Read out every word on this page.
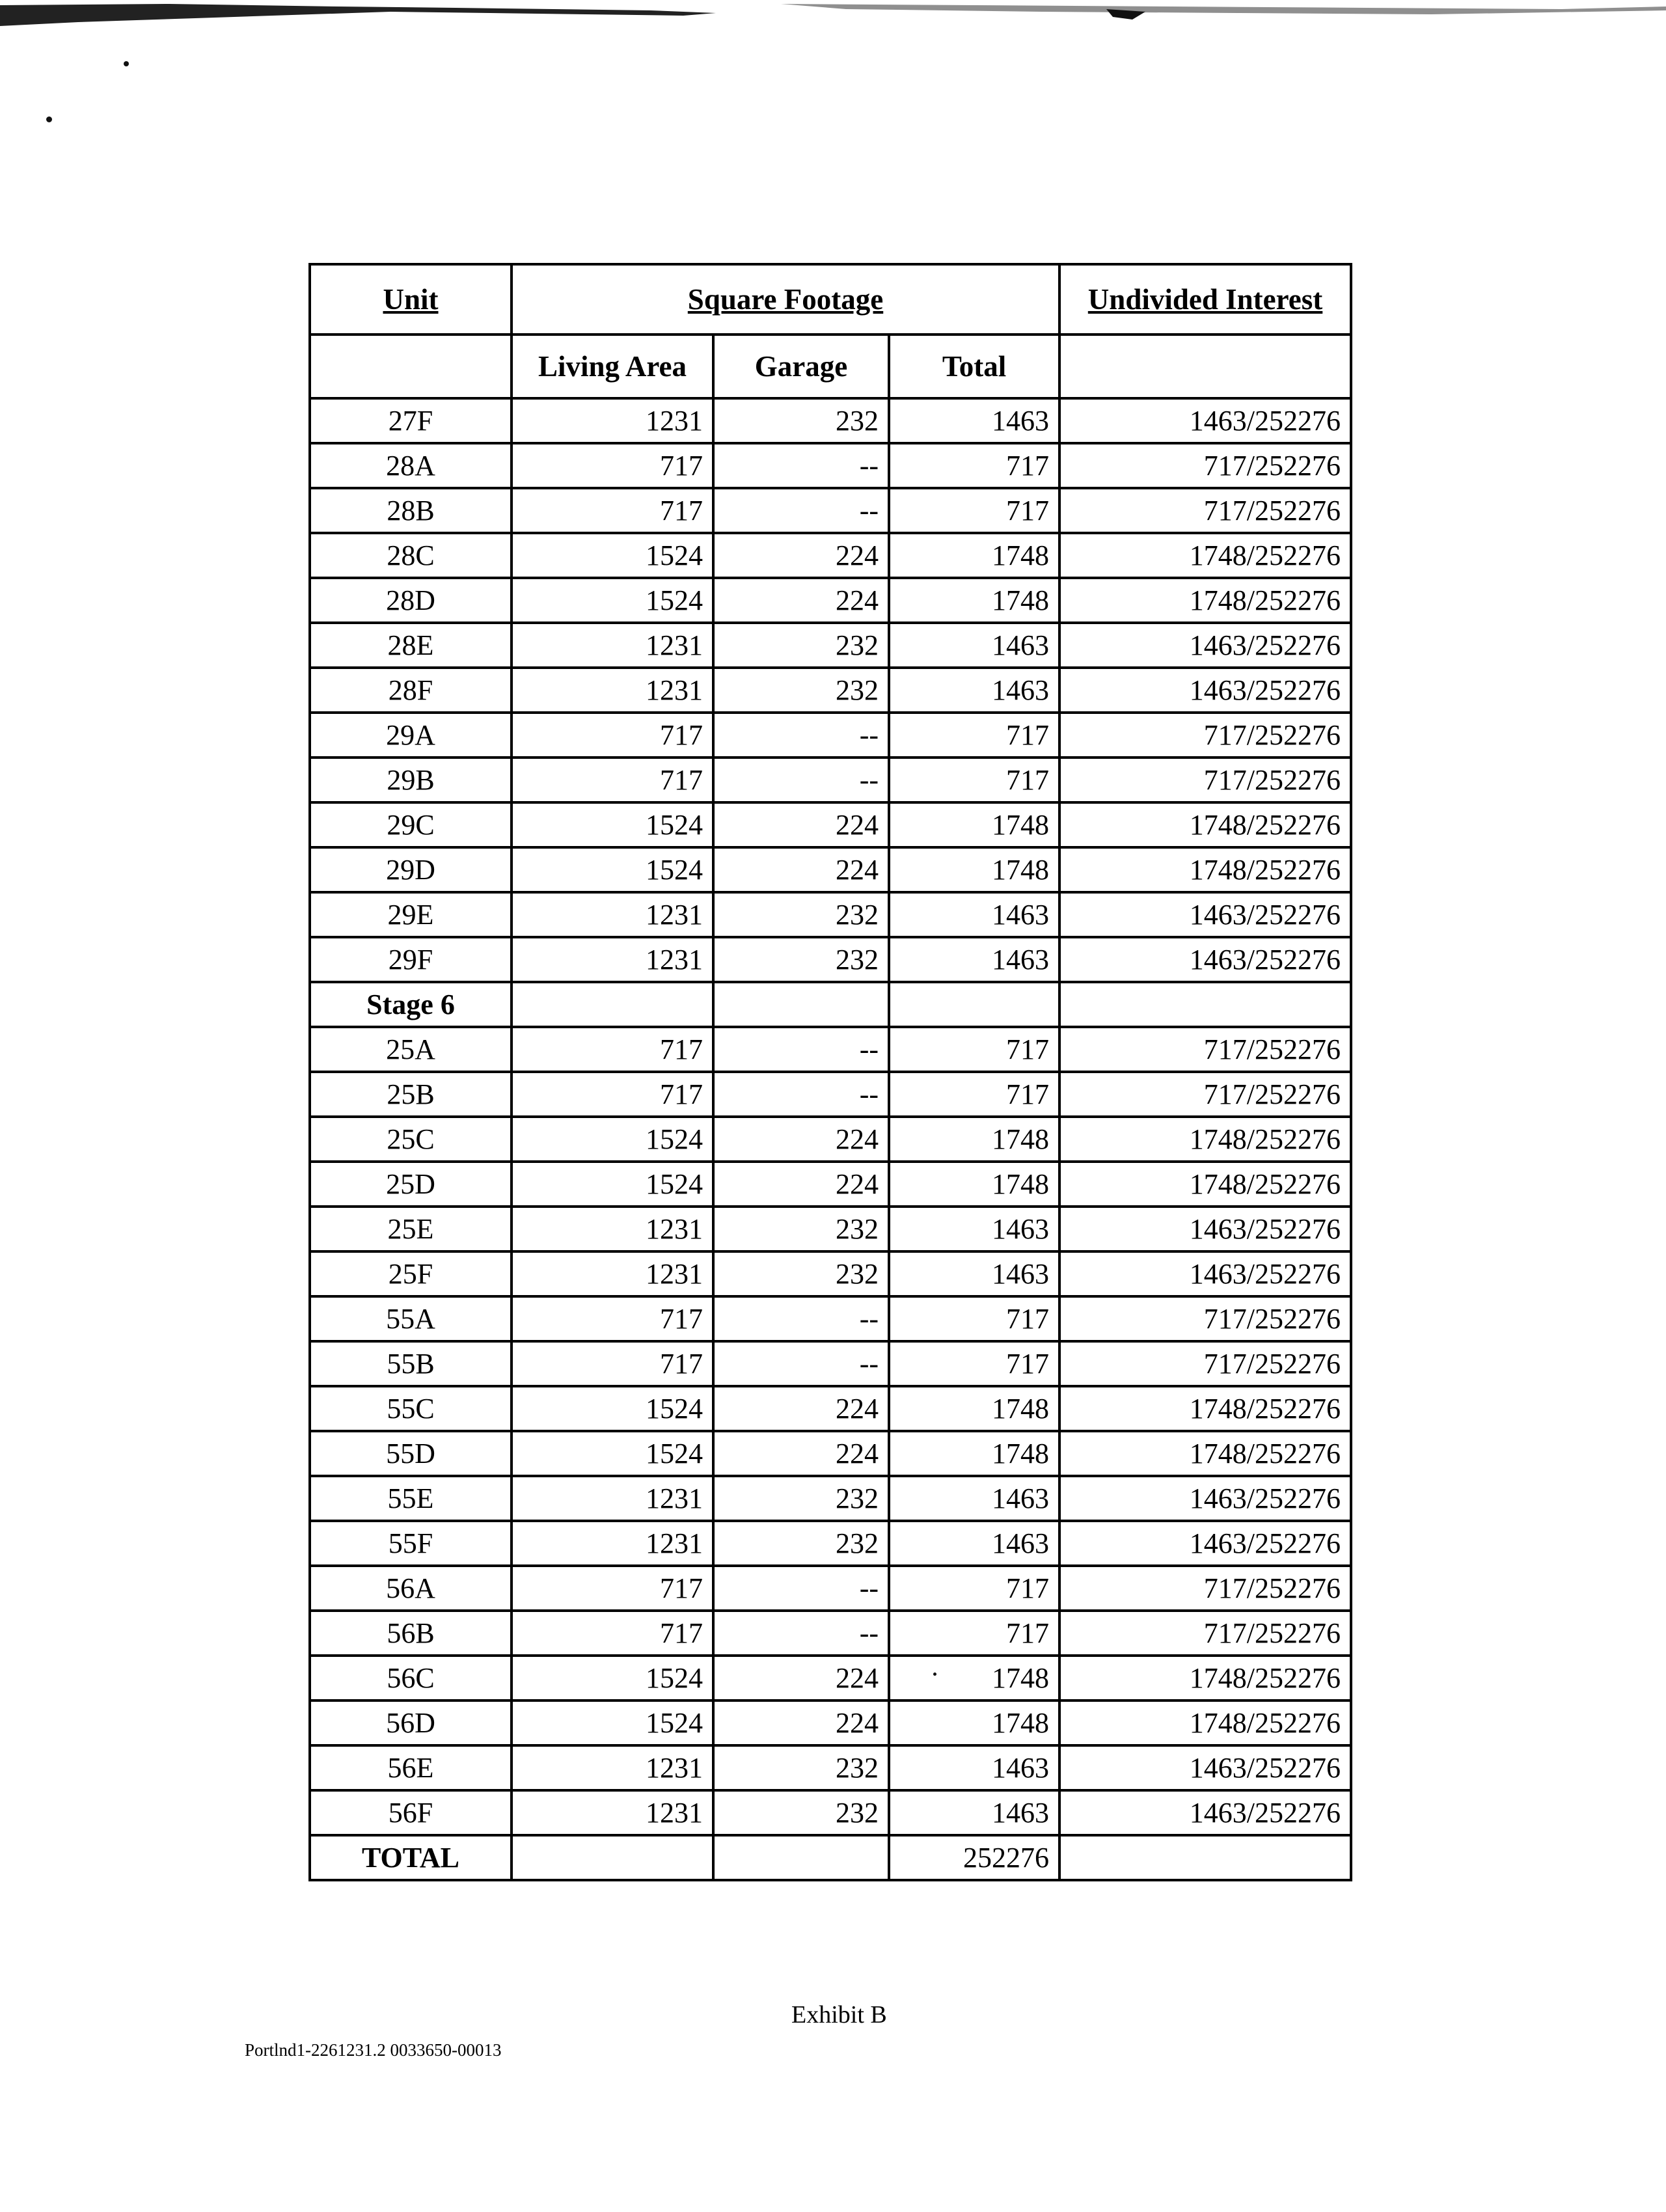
Unit	Square Footage			Undivided Interest
	Living Area	Garage	Total	
27F	1231	232	1463	1463/252276
28A	717	--	717	717/252276
28B	717	--	717	717/252276
28C	1524	224	1748	1748/252276
28D	1524	224	1748	1748/252276
28E	1231	232	1463	1463/252276
28F	1231	232	1463	1463/252276
29A	717	--	717	717/252276
29B	717	--	717	717/252276
29C	1524	224	1748	1748/252276
29D	1524	224	1748	1748/252276
29E	1231	232	1463	1463/252276
29F	1231	232	1463	1463/252276
Stage 6				
25A	717	--	717	717/252276
25B	717	--	717	717/252276
25C	1524	224	1748	1748/252276
25D	1524	224	1748	1748/252276
25E	1231	232	1463	1463/252276
25F	1231	232	1463	1463/252276
55A	717	--	717	717/252276
55B	717	--	717	717/252276
55C	1524	224	1748	1748/252276
55D	1524	224	1748	1748/252276
55E	1231	232	1463	1463/252276
55F	1231	232	1463	1463/252276
56A	717	--	717	717/252276
56B	717	--	717	717/252276
56C	1524	224	1748	1748/252276
56D	1524	224	1748	1748/252276
56E	1231	232	1463	1463/252276
56F	1231	232	1463	1463/252276
TOTAL			252276	
Exhibit B
Portlnd1-2261231.2 0033650-00013
